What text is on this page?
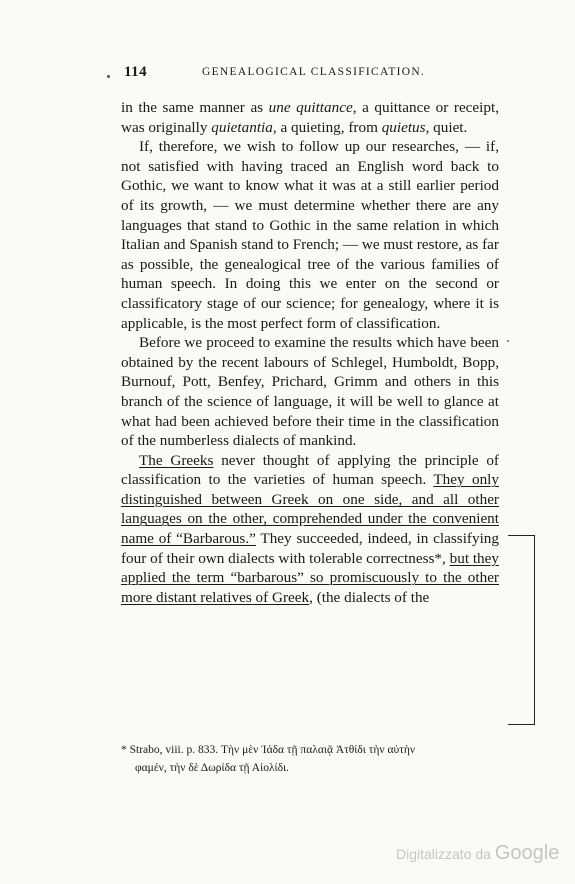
114	GENEALOGICAL CLASSIFICATION.

in the same manner as une quittance, a quittance or receipt, was originally quietantia, a quieting, from quietus, quiet.

If, therefore, we wish to follow up our researches, — if, not satisfied with having traced an English word back to Gothic, we want to know what it was at a still earlier period of its growth, — we must determine whether there are any languages that stand to Gothic in the same relation in which Italian and Spanish stand to French; — we must restore, as far as possible, the genealogical tree of the various families of human speech. In doing this we enter on the second or classificatory stage of our science; for genealogy, where it is applicable, is the most perfect form of classification.

Before we proceed to examine the results which have been obtained by the recent labours of Schlegel, Humboldt, Bopp, Burnouf, Pott, Benfey, Prichard, Grimm and others in this branch of the science of language, it will be well to glance at what had been achieved before their time in the classification of the numberless dialects of mankind.

The Greeks never thought of applying the principle of classification to the varieties of human speech. They only distinguished between Greek on one side, and all other languages on the other, comprehended under the convenient name of “Barbarous.” They succeeded, indeed, in classifying four of their own dialects with tolerable correctness*, but they applied the term “barbarous” so promiscuously to the other more distant relatives of Greek, (the dialects of the

* Strabo, viii. p. 833. Τὴν μὲν Ἰάδα τῇ παλαιᾷ Ἀτθίδι τὴν αὐτὴν

φαμέν, τὴν δὲ Δωρίδα τῇ Αἰολίδι.

Digitalizzato da Google
